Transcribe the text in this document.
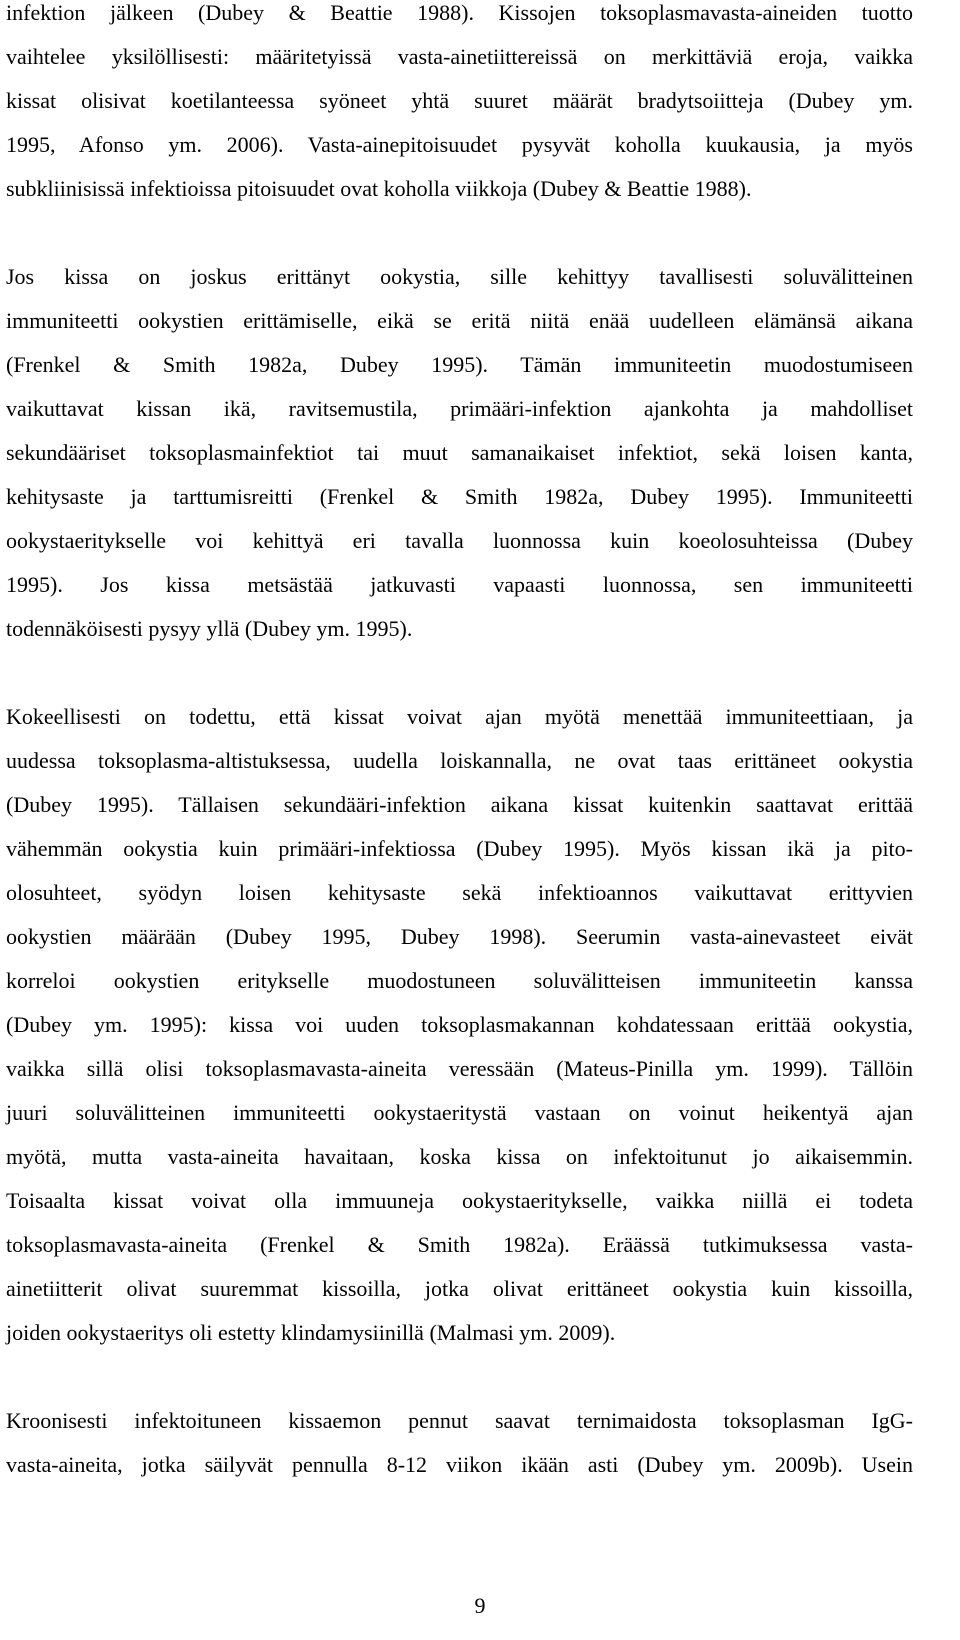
infektion jälkeen (Dubey & Beattie 1988). Kissojen toksoplasmavasta-aineiden tuotto
vaihtelee yksilöllisesti: määritetyissä vasta-ainetiittereissä on merkittäviä eroja, vaikka
kissat olisivat koetilanteessa syöneet yhtä suuret määrät bradytsoiitteja (Dubey ym.
1995, Afonso ym. 2006). Vasta-ainepitoisuudet pysyvät koholla kuukausia, ja myös
subkliinisissä infektioissa pitoisuudet ovat koholla viikkoja (Dubey & Beattie 1988).
Jos kissa on joskus erittänyt ookystia, sille kehittyy tavallisesti soluvälitteinen
immuniteetti ookystien erittämiselle, eikä se eritä niitä enää uudelleen elämänsä aikana
(Frenkel & Smith 1982a, Dubey 1995). Tämän immuniteetin muodostumiseen
vaikuttavat kissan ikä, ravitsemustila, primääri-infektion ajankohta ja mahdolliset
sekundääriset toksoplasmainfektiot tai muut samanaikaiset infektiot, sekä loisen kanta,
kehitysaste ja tarttumisreitti (Frenkel & Smith 1982a, Dubey 1995). Immuniteetti
ookystaeritykselle voi kehittyä eri tavalla luonnossa kuin koeolosuhteissa (Dubey
1995). Jos kissa metsästää jatkuvasti vapaasti luonnossa, sen immuniteetti
todennäköisesti pysyy yllä (Dubey ym. 1995).
Kokeellisesti on todettu, että kissat voivat ajan myötä menettää immuniteettiaan, ja
uudessa toksoplasma-altistuksessa, uudella loiskannalla, ne ovat taas erittäneet ookystia
(Dubey 1995). Tällaisen sekundääri-infektion aikana kissat kuitenkin saattavat erittää
vähemmän ookystia kuin primääri-infektiossa (Dubey 1995). Myös kissan ikä ja pito-
olosuhteet, syödyn loisen kehitysaste sekä infektioannos vaikuttavat erittyvien
ookystien määrään (Dubey 1995, Dubey 1998). Seerumin vasta-ainevasteet eivät
korreloi ookystien eritykselle muodostuneen soluvälitteisen immuniteetin kanssa
(Dubey ym. 1995): kissa voi uuden toksoplasmakannan kohdatessaan erittää ookystia,
vaikka sillä olisi toksoplasmavasta-aineita veressään (Mateus-Pinilla ym. 1999). Tällöin
juuri soluvälitteinen immuniteetti ookystaeritystä vastaan on voinut heikentyä ajan
myötä, mutta vasta-aineita havaitaan, koska kissa on infektoitunut jo aikaisemmin.
Toisaalta kissat voivat olla immuuneja ookystaeritykselle, vaikka niillä ei todeta
toksoplasmavasta-aineita (Frenkel & Smith 1982a). Eräässä tutkimuksessa vasta-
ainetiitterit olivat suuremmat kissoilla, jotka olivat erittäneet ookystia kuin kissoilla,
joiden ookystaeritys oli estetty klindamysiinillä (Malmasi ym. 2009).
Kroonisesti infektoituneen kissaemon pennut saavat ternimaidosta toksoplasman IgG-
vasta-aineita, jotka säilyvät pennulla 8-12 viikon ikään asti (Dubey ym. 2009b). Usein
9
